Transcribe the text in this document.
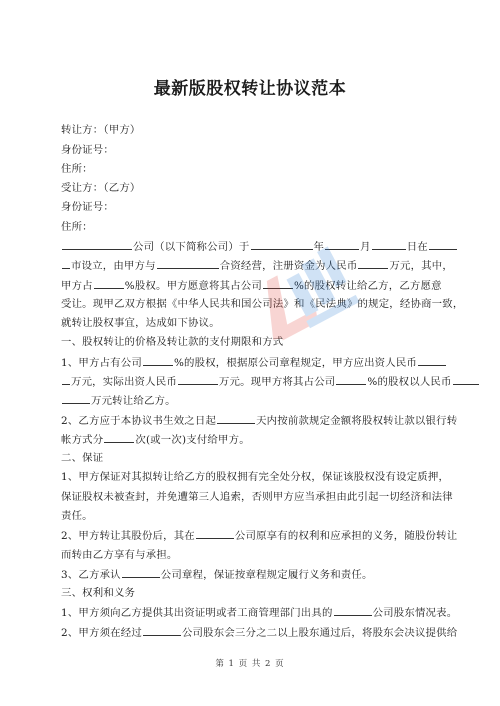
最新版股权转让协议范本
转让方：（甲方）
身份证号：
住所：
受让方：（乙方）
身份证号：
住所：
公司（以下简称公司）于	年	月	日在
市设立，由甲方与	合资经营，注册资金为人民币	万元，其中，
甲方占	%股权。甲方愿意将其占公司	%的股权转让给乙方，乙方愿意
受让。现甲乙双方根据《中华人民共和国公司法》和《民法典》的规定，经协商一致，
就转让股权事宜，达成如下协议。
一、股权转让的价格及转让款的支付期限和方式
1、甲方占有公司	%的股权，根据原公司章程规定，甲方应出资人民币
万元，实际出资人民币	万元。现甲方将其占公司	%的股权以人民币
万元转让给乙方。
2、乙方应于本协议书生效之日起	天内按前款规定金额将股权转让款以银行转
帐方式分	次(或一次)支付给甲方。
二、保证
1、甲方保证对其拟转让给乙方的股权拥有完全处分权，保证该股权没有设定质押，
保证股权未被查封，并免遭第三人追索，否则甲方应当承担由此引起一切经济和法律
责任。
2、甲方转让其股份后，其在	公司原享有的权利和应承担的义务，随股份转让
而转由乙方享有与承担。
3、乙方承认	公司章程，保证按章程规定履行义务和责任。
三、权利和义务
1、甲方须向乙方提供其出资证明或者工商管理部门出具的	公司股东情况表。
2、甲方须在经过	公司股东会三分之二以上股东通过后，将股东会决议提供给
第 1 页 共 2 页
